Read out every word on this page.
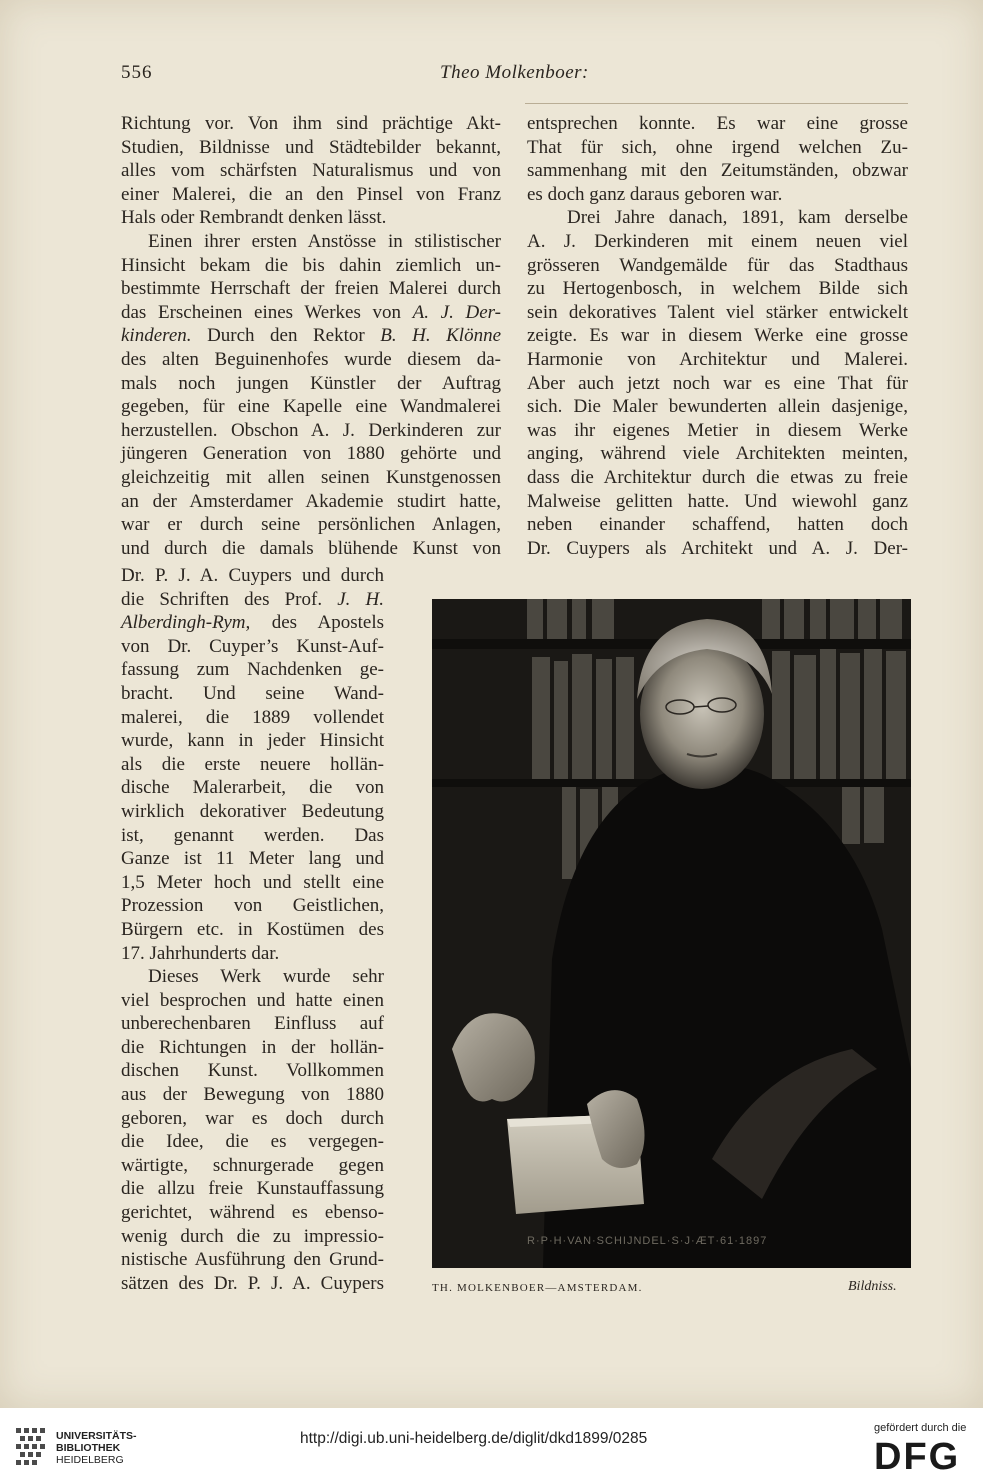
556	Theo Molkenboer:
Richtung vor. Von ihm sind prächtige Akt-
Studien, Bildnisse und Städtebilder bekannt,
alles vom schärfsten Naturalismus und von
einer Malerei, die an den Pinsel von Franz
Hals oder Rembrandt denken lässt.
Einen ihrer ersten Anstösse in stilistischer
Hinsicht bekam die bis dahin ziemlich un-
bestimmte Herrschaft der freien Malerei durch
das Erscheinen eines Werkes von A. J. Der-
kinderen. Durch den Rektor B. H. Klönne
des alten Beguinenhofes wurde diesem da-
mals noch jungen Künstler der Auftrag
gegeben, für eine Kapelle eine Wandmalerei
herzustellen. Obschon A. J. Derkinderen zur
jüngeren Generation von 1880 gehörte und
gleichzeitig mit allen seinen Kunstgenossen
an der Amsterdamer Akademie studirt hatte,
war er durch seine persönlichen Anlagen,
und durch die damals blühende Kunst von
Dr. P. J. A. Cuypers und durch
die Schriften des Prof. J. H.
Alberdingh-Rym, des Apostels
von Dr. Cuyper’s Kunst-Auf-
fassung zum Nachdenken ge-
bracht. Und seine Wand-
malerei, die 1889 vollendet
wurde, kann in jeder Hinsicht
als die erste neuere hollän-
dische Malerarbeit, die von
wirklich dekorativer Bedeutung
ist, genannt werden. Das
Ganze ist 11 Meter lang und
1,5 Meter hoch und stellt eine
Prozession von Geistlichen,
Bürgern etc. in Kostümen des
17. Jahrhunderts dar.
Dieses Werk wurde sehr
viel besprochen und hatte einen
unberechenbaren Einfluss auf
die Richtungen in der hollän-
dischen Kunst. Vollkommen
aus der Bewegung von 1880
geboren, war es doch durch
die Idee, die es vergegen-
wärtigte, schnurgerade gegen
die allzu freie Kunstauffassung
gerichtet, während es ebenso-
wenig durch die zu impressio-
nistische Ausführung den Grund-
sätzen des Dr. P. J. A. Cuypers
entsprechen konnte. Es war eine grosse
That für sich, ohne irgend welchen Zu-
sammenhang mit den Zeitumständen, obzwar
es doch ganz daraus geboren war.
Drei Jahre danach, 1891, kam derselbe
A. J. Derkinderen mit einem neuen viel
grösseren Wandgemälde für das Stadthaus
zu Hertogenbosch, in welchem Bilde sich
sein dekoratives Talent viel stärker entwickelt
zeigte. Es war in diesem Werke eine grosse
Harmonie von Architektur und Malerei.
Aber auch jetzt noch war es eine That für
sich. Die Maler bewunderten allein dasjenige,
was ihr eigenes Metier in diesem Werke
anging, während viele Architekten meinten,
dass die Architektur durch die etwas zu freie
Malweise gelitten hatte. Und wiewohl ganz
neben einander schaffend, hatten doch
Dr. Cuypers als Architekt und A. J. Der-
R·P·H·VAN·SCHIJNDEL·S·J·ÆT·61·1897
TH. MOLKENBOER—AMSTERDAM.	Bildniss.
UNIVERSITÄTS-
BIBLIOTHEK
HEIDELBERG
http://digi.ub.uni-heidelberg.de/diglit/dkd1899/0285
gefördert durch die
DFG
